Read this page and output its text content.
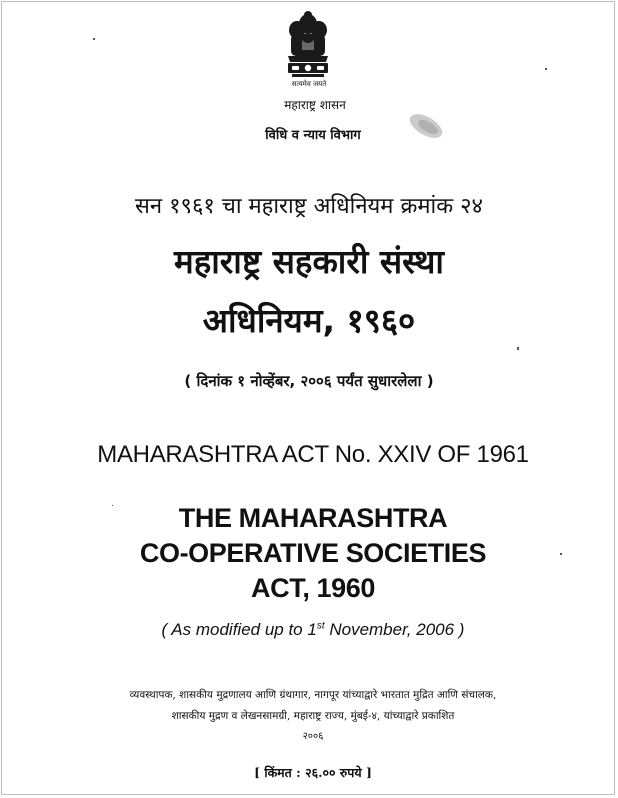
सत्यमेव जयते
महाराष्ट्र शासन
विधि व न्याय विभाग
सन १९६१ चा महाराष्ट्र अधिनियम क्रमांक २४
महाराष्ट्र सहकारी संस्था
अधिनियम, १९६०
( दिनांक १ नोव्हेंबर, २००६ पर्यंत सुधारलेला )
MAHARASHTRA ACT No. XXIV OF 1961
THE MAHARASHTRA
CO-OPERATIVE SOCIETIES
ACT, 1960
( As modified up to 1st November, 2006 )
व्यवस्थापक, शासकीय मुद्रणालय आणि ग्रंथागार, नागपूर यांच्याद्वारे भारतात मुद्रित आणि संचालक,
शासकीय मुद्रण व लेखनसामग्री, महाराष्ट्र राज्य, मुंबई-४, यांच्याद्वारे प्रकाशित
२००६
[ किंमत : २६.०० रुपये ]
